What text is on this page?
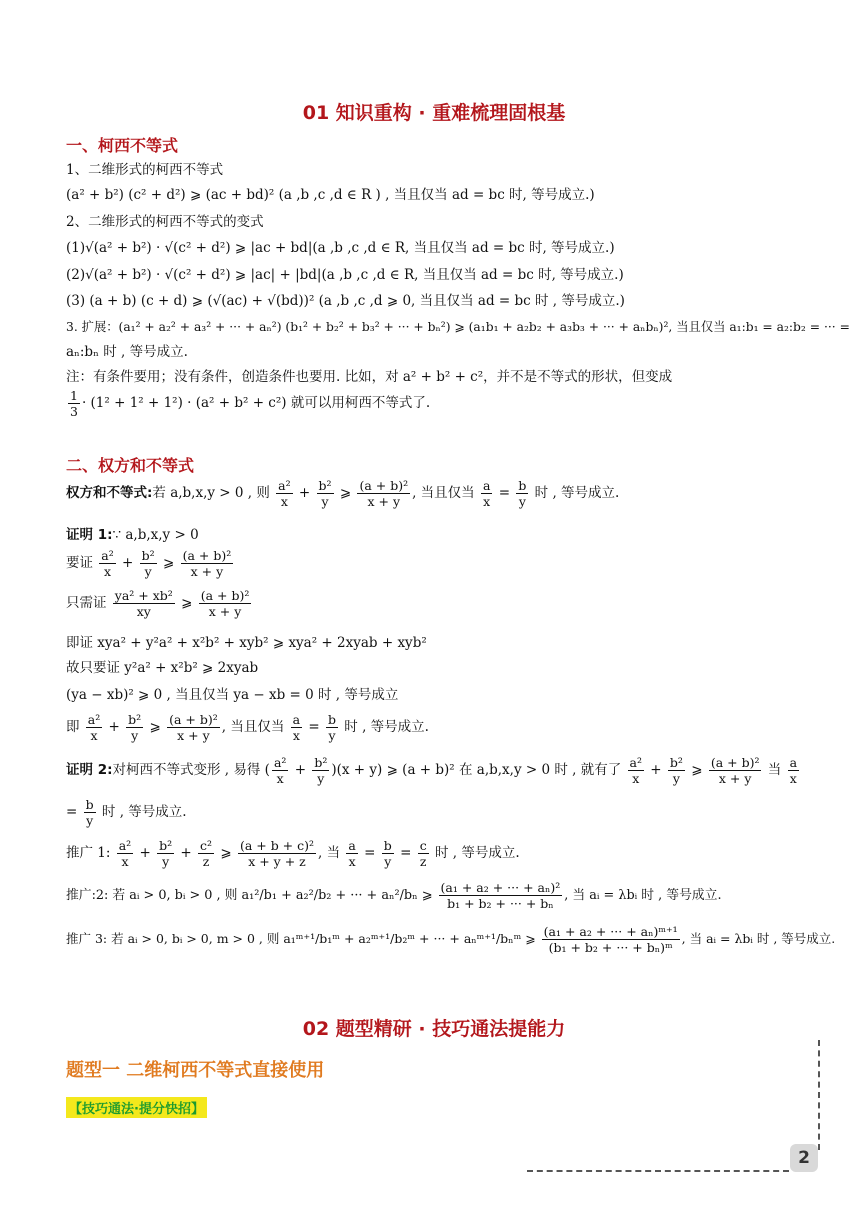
01 知识重构 · 重难梳理固根基
一、柯西不等式
1、二维形式的柯西不等式
(a² + b²) (c² + d²) ⩾ (ac + bd)² (a ,b ,c ,d ∈ R ) , 当且仅当 ad = bc 时, 等号成立.)
2、二维形式的柯西不等式的变式
(1)√(a² + b²) · √(c² + d²) ⩾ |ac + bd|(a ,b ,c ,d ∈ R, 当且仅当 ad = bc 时, 等号成立.)
(2)√(a² + b²) · √(c² + d²) ⩾ |ac| + |bd|(a ,b ,c ,d ∈ R, 当且仅当 ad = bc 时, 等号成立.)
(3) (a + b) (c + d) ⩾ (√(ac) + √(bd))² (a ,b ,c ,d ⩾ 0, 当且仅当 ad = bc 时 , 等号成立.)
3. 扩展：(a₁² + a₂² + a₃² + ··· + aₙ²) (b₁² + b₂² + b₃² + ··· + bₙ²) ⩾ (a₁b₁ + a₂b₂ + a₃b₃ + ··· + aₙbₙ)², 当且仅当 a₁:b₁ = a₂:b₂ = ··· =
aₙ:bₙ 时 , 等号成立.
注：有条件要用；没有条件，创造条件也要用. 比如，对 a² + b² + c²，并不是不等式的形状，但变成
$\frac{1}{3} \cdot (1^2 + 1^2 + 1^2) \cdot (a^2 + b^2 + c^2)$ 就可以用柯西不等式了.
二、权方和不等式
权方和不等式:若 a,b,x,y > 0 , 则 $\frac{\text{a²}}{x} + \frac{\text{b²}}{y}$ ⩾ $\frac{\text{(a + b)²}}{x + y}$ , 当且仅当 $\frac{a}{x} = \frac{b}{y}$ 时 , 等号成立.
证明 1:∵ a,b,x,y > 0
要证 $\frac{\text{a²}}{x} + \frac{\text{b²}}{y}$ ⩾ $\frac{\text{(a + b)²}}{x + y}$
只需证 $\frac{\text{ya² + xb²}}{xy}$ ⩾ $\frac{\text{(a + b)²}}{x + y}$
即证 xya² + y²a² + x²b² + xyb² ⩾ xya² + 2xyab + xyb²
故只要证 y²a² + x²b² ⩾ 2xyab
(ya − xb)² ⩾ 0 , 当且仅当 ya − xb = 0 时 , 等号成立
即 $\frac{\text{a²}}{x} + \frac{\text{b²}}{y}$ ⩾ $\frac{\text{(a + b)²}}{x + y}$ , 当且仅当 $\frac{a}{x} = \frac{b}{y}$ 时 , 等号成立.
证明 2:对柯西不等式变形 , 易得 ( $\frac{\text{a²}}{x} + \frac{\text{b²}}{y} )(x + y)$ ⩾ (a + b)² 在 a,b,x,y > 0 时 , 就有了 $\frac{\text{a²}}{x} + \frac{\text{b²}}{y}$ ⩾ $\frac{\text{(a + b)²}}{x + y}$ 当 $\frac{a}{x}$
= $\frac{b}{y}$ 时 , 等号成立.
推广 1: $\frac{\text{a²}}{x} + \frac{\text{b²}}{y} + \frac{\text{c²}}{z}$ ⩾ $\frac{\text{(a + b + c)²}}{x + y + z}$ , 当 $\frac{a}{x} = \frac{b}{y} = \frac{c}{z}$ 时 , 等号成立.
推广:2: 若 aᵢ > 0, bᵢ > 0 , 则 a₁²/b₁ + a₂²/b₂ + ··· + aₙ²/bₙ ⩾ $\frac{\text{(a₁ + a₂ + ··· + aₙ)²}}{\text{b₁ + b₂ + ··· + bₙ}}$ , 当 aᵢ = λbᵢ 时 , 等号成立.
推广 3: 若 aᵢ > 0, bᵢ > 0, m > 0 , 则 a₁ᵐ⁺¹/b₁ᵐ + a₂ᵐ⁺¹/b₂ᵐ + ··· + aₙᵐ⁺¹/bₙᵐ ⩾ $\frac{\text{(a₁ + a₂ + ··· + aₙ)ᵐ⁺¹}}{\text{(b₁ + b₂ + ··· + bₙ)ᵐ}}$ , 当 aᵢ = λbᵢ 时 , 等号成立.
02 题型精研 · 技巧通法提能力
题型一 二维柯西不等式直接使用
【技巧通法·提分快招】
2
